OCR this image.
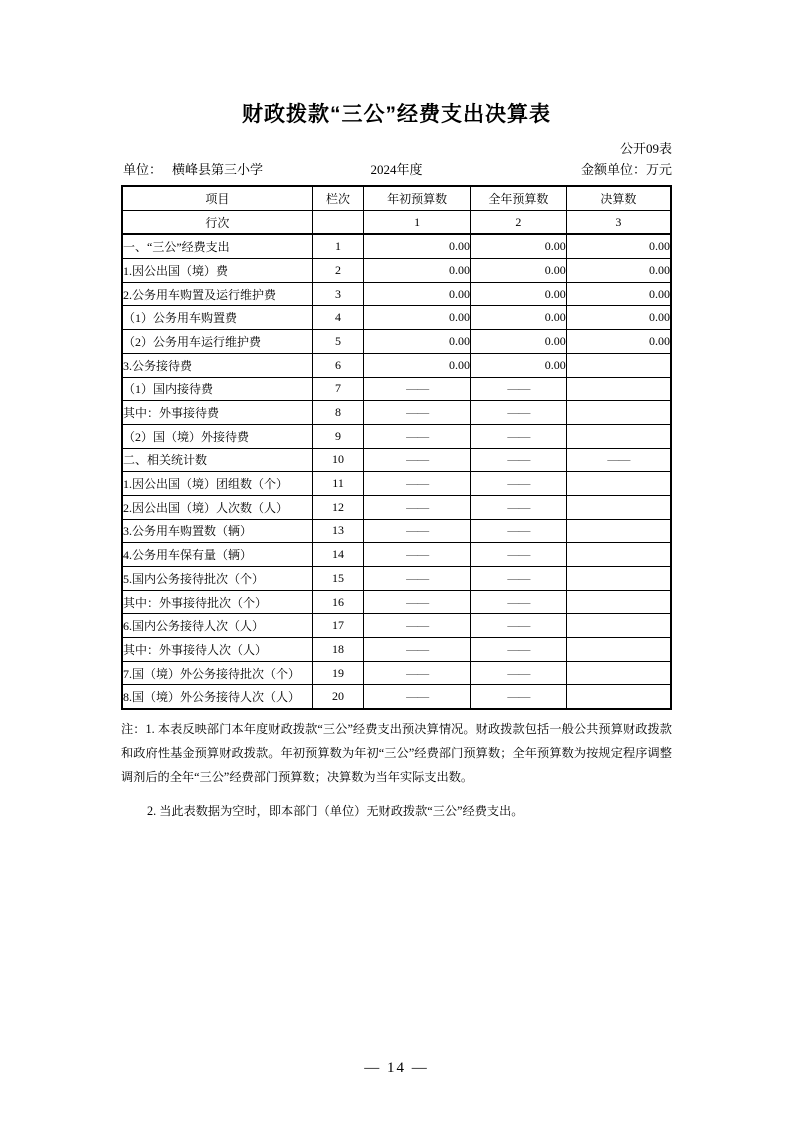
财政拨款“三公”经费支出决算表
公开09表
单位： 横峰县第三小学	2024年度	金额单位：万元
项目	栏次	年初预算数	全年预算数	决算数
行次		1	2	3
一、“三公”经费支出	1	0.00	0.00	0.00
1.因公出国（境）费	2	0.00	0.00	0.00
2.公务用车购置及运行维护费	3	0.00	0.00	0.00
（1）公务用车购置费	4	0.00	0.00	0.00
（2）公务用车运行维护费	5	0.00	0.00	0.00
3.公务接待费	6	0.00	0.00	
（1）国内接待费	7	——	——	
其中：外事接待费	8	——	——	
（2）国（境）外接待费	9	——	——	
二、相关统计数	10	——	——	——
1.因公出国（境）团组数（个）	11	——	——	
2.因公出国（境）人次数（人）	12	——	——	
3.公务用车购置数（辆）	13	——	——	
4.公务用车保有量（辆）	14	——	——	
5.国内公务接待批次（个）	15	——	——	
其中：外事接待批次（个）	16	——	——	
6.国内公务接待人次（人）	17	——	——	
其中：外事接待人次（人）	18	——	——	
7.国（境）外公务接待批次（个）	19	——	——	
8.国（境）外公务接待人次（人）	20	——	——	

注：1. 本表反映部门本年度财政拨款“三公”经费支出预决算情况。财政拨款包括一般公共预算财政拨款和政府性基金预算财政拨款。年初预算数为年初“三公”经费部门预算数；全年预算数为按规定程序调整调剂后的全年“三公”经费部门预算数；决算数为当年实际支出数。

2. 当此表数据为空时，即本部门（单位）无财政拨款“三公”经费支出。

— 14 —
